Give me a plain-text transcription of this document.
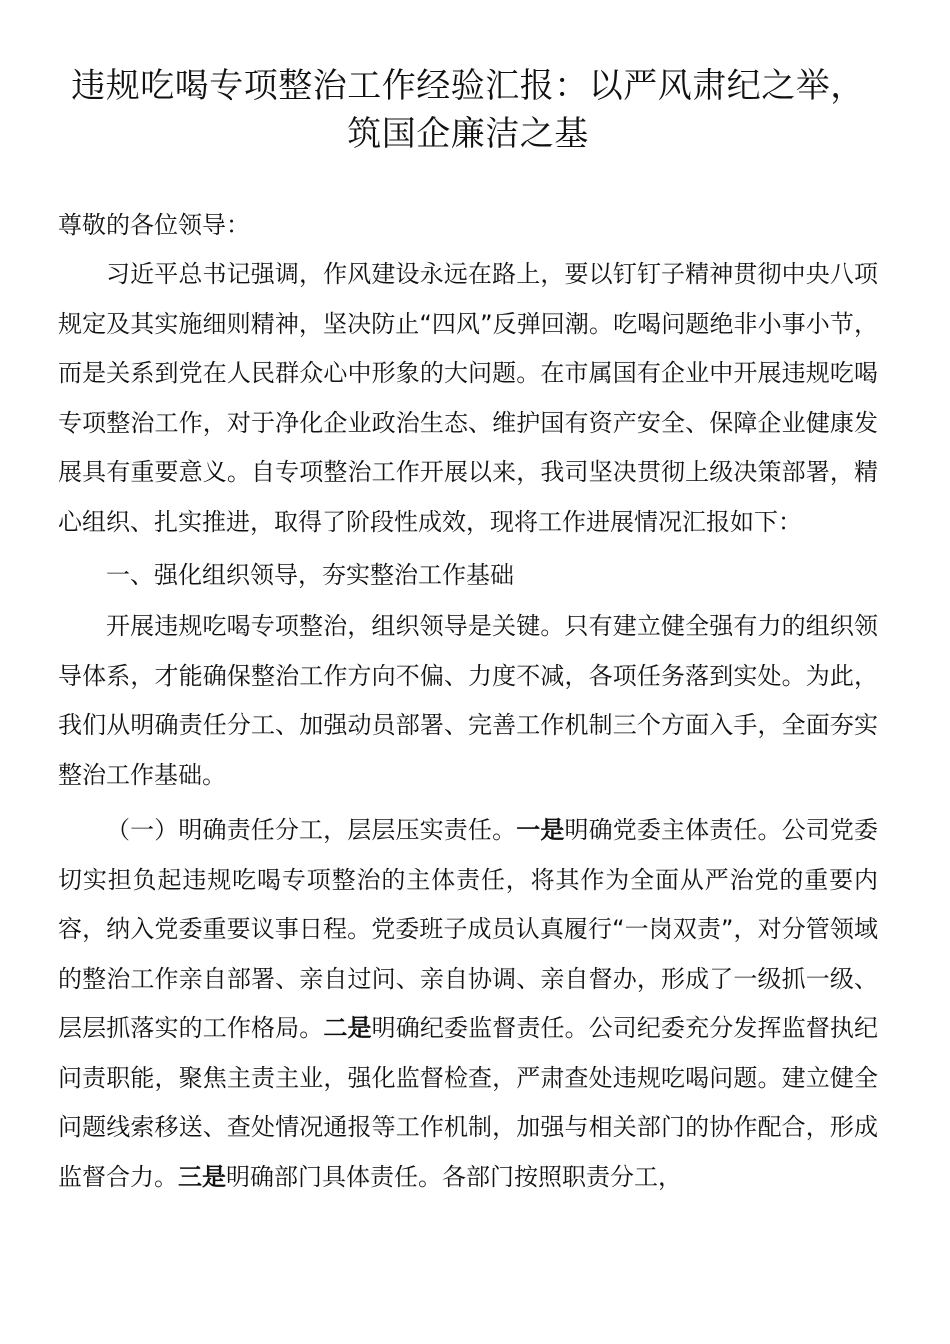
违规吃喝专项整治工作经验汇报：以严风肃纪之举，
筑国企廉洁之基

尊敬的各位领导：

习近平总书记强调，作风建设永远在路上，要以钉钉子精神贯彻中央八项规定及其实施细则精神，坚决防止“四风”反弹回潮。吃喝问题绝非小事小节，而是关系到党在人民群众心中形象的大问题。在市属国有企业中开展违规吃喝专项整治工作，对于净化企业政治生态、维护国有资产安全、保障企业健康发展具有重要意义。自专项整治工作开展以来，我司坚决贯彻上级决策部署，精心组织、扎实推进，取得了阶段性成效，现将工作进展情况汇报如下：

一、强化组织领导，夯实整治工作基础

开展违规吃喝专项整治，组织领导是关键。只有建立健全强有力的组织领导体系，才能确保整治工作方向不偏、力度不减，各项任务落到实处。为此，我们从明确责任分工、加强动员部署、完善工作机制三个方面入手，全面夯实整治工作基础。

（一）明确责任分工，层层压实责任。一是明确党委主体责任。公司党委切实担负起违规吃喝专项整治的主体责任，将其作为全面从严治党的重要内容，纳入党委重要议事日程。党委班子成员认真履行“一岗双责”，对分管领域的整治工作亲自部署、亲自过问、亲自协调、亲自督办，形成了一级抓一级、层层抓落实的工作格局。二是明确纪委监督责任。公司纪委充分发挥监督执纪问责职能，聚焦主责主业，强化监督检查，严肃查处违规吃喝问题。建立健全问题线索移送、查处情况通报等工作机制，加强与相关部门的协作配合，形成监督合力。三是明确部门具体责任。各部门按照职责分工，
